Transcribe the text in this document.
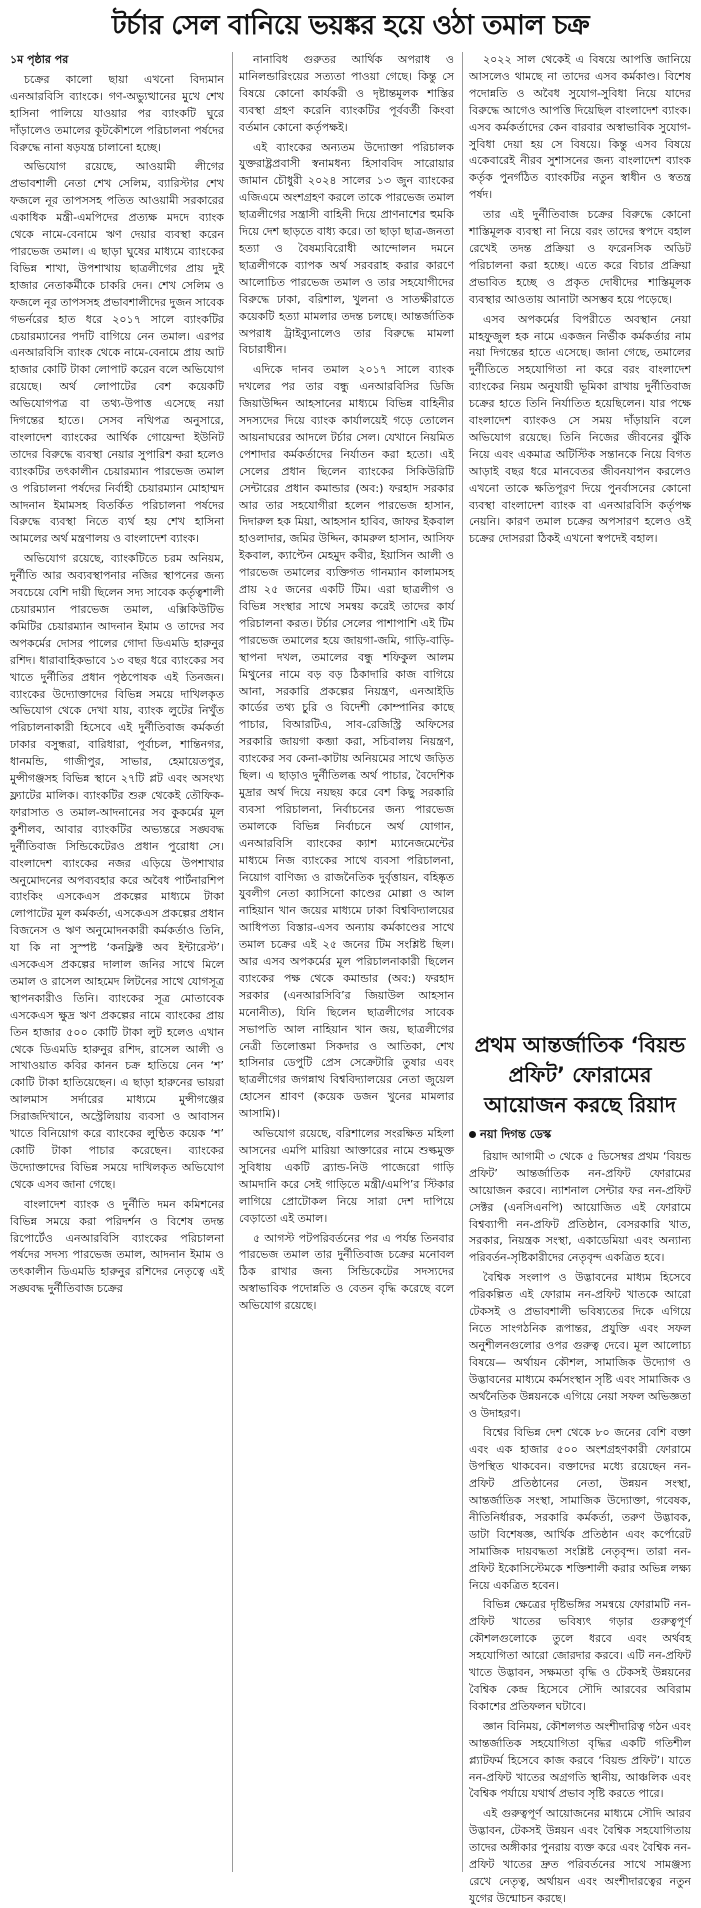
টর্চার সেল বানিয়ে ভয়ঙ্কর হয়ে ওঠা তমাল চক্র

১ম পৃষ্ঠার পর

চক্রের কালো ছায়া এখনো বিদ্যমান এনআরবিসি ব্যাংকে। গণ-অভ্যুত্থানের মুখে শেখ হাসিনা পালিয়ে যাওয়ার পর ব্যাংকটি ঘুরে দাঁড়ালেও তমালের কূটকৌশলে পরিচালনা পর্ষদের বিরুদ্ধে নানা ষড়যন্ত্র চালানো হচ্ছে।

অভিযোগ রয়েছে, আওয়ামী লীগের প্রভাবশালী নেতা শেখ সেলিম, ব্যারিস্টার শেখ ফজলে নূর তাপসসহ পতিত আওয়ামী সরকারের একাধিক মন্ত্রী-এমপিদের প্রত্যক্ষ মদদে ব্যাংক থেকে নামে-বেনামে ঋণ দেয়ার ব্যবস্থা করেন পারভেজ তমাল। এ ছাড়া ঘুষের মাধ্যমে ব্যাংকের বিভিন্ন শাখা, উপশাখায় ছাত্রলীগের প্রায় দুই হাজার নেতাকর্মীকে চাকরি দেন। শেখ সেলিম ও ফজলে নূর তাপসসহ প্রভাবশালীদের দুজন সাবেক গভর্নরের হাত ধরে ২০১৭ সালে ব্যাংকটির চেয়ারম্যানের পদটি বাগিয়ে নেন তমাল। এরপর এনআরবিসি ব্যাংক থেকে নামে-বেনামে প্রায় আট হাজার কোটি টাকা লোপাট করেন বলে অভিযোগ রয়েছে। অর্থ লোপাটের বেশ কয়েকটি অভিযোগপত্র বা তথ্য-উপাত্ত এসেছে নয়া দিগন্তের হাতে। সেসব নথিপত্র অনুসারে, বাংলাদেশ ব্যাংকের আর্থিক গোয়েন্দা ইউনিট তাদের বিরুদ্ধে ব্যবস্থা নেয়ার সুপারিশ করা হলেও ব্যাংকটির তৎকালীন চেয়ারম্যান পারভেজ তমাল ও পরিচালনা পর্ষদের নির্বাহী চেয়ারম্যান মোহাম্মদ আদনান ইমামসহ বিতর্কিত পরিচালনা পর্ষদের বিরুদ্ধে ব্যবস্থা নিতে ব্যর্থ হয় শেখ হাসিনা আমলের অর্থ মন্ত্রণালয় ও বাংলাদেশ ব্যাংক।

অভিযোগ রয়েছে, ব্যাংকটিতে চরম অনিয়ম, দুর্নীতি আর অব্যবস্থাপনার নজির স্থাপনের জন্য সবচেয়ে বেশি দায়ী ছিলেন সদ্য সাবেক কর্তৃত্বশালী চেয়ারম্যান পারভেজ তমাল, এক্সিকিউটিভ কমিটির চেয়ারম্যান আদনান ইমাম ও তাদের সব অপকর্মের দোসর পালের গোদা ডিএমডি হারুনুর রশিদ। ধারাবাহিকভাবে ১৩ বছর ধরে ব্যাংকের সব খাতে দুর্নীতির প্রধান পৃষ্ঠপোষক এই তিনজন। ব্যাংকের উদ্যোক্তাদের বিভিন্ন সময়ে দাখিলকৃত অভিযোগ থেকে দেখা যায়, ব্যাংক লুটের নিখুঁত পরিচালনাকারী হিসেবে এই দুর্নীতিবাজ কর্মকর্তা ঢাকার বসুন্ধরা, বারিধারা, পূর্বাচল, শান্তিনগর, ধানমন্ডি, গাজীপুর, সাভার, হেমায়েতপুর, মুন্সীগঞ্জসহ বিভিন্ন স্থানে ২৭টি প্লট এবং অসংখ্য ফ্ল্যাটের মালিক। ব্যাংকটির শুরু থেকেই তৌফিক-ফারাসাত ও তমাল-আদনানের সব কুকর্মের মূল কুশীলব, আবার ব্যাংকটির অভ্যন্তরে সঙ্ঘবদ্ধ দুর্নীতিবাজ সিন্ডিকেটেরও প্রধান পুরোধা সে। বাংলাদেশ ব্যাংকের নজর এড়িয়ে উপশাখার অনুমোদনের অপব্যবহার করে অবৈধ পার্টনারশিপ ব্যাংকিং এসকেএস প্রকল্পের মাধ্যমে টাকা লোপাটের মূল কর্মকর্তা, এসকেএস প্রকল্পের প্রধান বিজনেস ও ঋণ অনুমোদনকারী কর্মকর্তাও তিনি, যা কি না সুস্পষ্ট ‘কনফ্লিক্ট অব ইন্টারেস্ট’। এসকেএস প্রকল্পের দালাল জনির সাথে মিলে তমাল ও রাসেল আহমেদ লিটনের সাথে যোগসূত্র স্থাপনকারীও তিনি। ব্যাংকের সূত্র মোতাবেক এসকেএস ক্ষুদ্র ঋণ প্রকল্পের নামে ব্যাংকের প্রায় তিন হাজার ৫০০ কোটি টাকা লুট হলেও এখান থেকে ডিএমডি হারুনুর রশিদ, রাসেল আলী ও সাখাওয়াত কবির কানন চক্র হাতিয়ে নেন ‘শ’ কোটি টাকা হাতিয়েছেন। এ ছাড়া হারুনের ভায়রা আলমাস সর্দারের মাধ্যমে মুন্সীগঞ্জের সিরাজদিখানে, অস্ট্রেলিয়ায় ব্যবসা ও আবাসন খাতে বিনিয়োগ করে ব্যাংকের লুণ্ঠিত কয়েক ‘শ’ কোটি টাকা পাচার করেছেন। ব্যাংকের উদ্যোক্তাদের বিভিন্ন সময়ে দাখিলকৃত অভিযোগ থেকে এসব জানা গেছে।

বাংলাদেশ ব্যাংক ও দুর্নীতি দমন কমিশনের বিভিন্ন সময়ে করা পরিদর্শন ও বিশেষ তদন্ত রিপোর্টেও এনআরবিসি ব্যাংকের পরিচালনা পর্ষদের সদস্য পারভেজ তমাল, আদনান ইমাম ও তৎকালীন ডিএমডি হারুনুর রশিদের নেতৃত্বে এই সঙ্ঘবদ্ধ দুর্নীতিবাজ চক্রের

নানাবিধ গুরুতর আর্থিক অপরাধ ও মানিলন্ডারিংয়ের সত্যতা পাওয়া গেছে। কিন্তু সে বিষয়ে কোনো কার্যকরী ও দৃষ্টান্তমূলক শাস্তির ব্যবস্থা গ্রহণ করেনি ব্যাংকটির পূর্ববর্তী কিংবা বর্তমান কোনো কর্তৃপক্ষই।

এই ব্যাংকের অন্যতম উদ্যোক্তা পরিচালক যুক্তরাষ্ট্রপ্রবাসী স্বনামধন্য হিসাববিদ সারোয়ার জামান চৌধুরী ২০২৪ সালের ১৩ জুন ব্যাংকের এজিএমে অংশগ্রহণ করলে তাকে পারভেজ তমাল ছাত্রলীগের সন্ত্রাসী বাহিনী দিয়ে প্রাণনাশের হুমকি দিয়ে দেশ ছাড়তে বাধ্য করে। তা ছাড়া ছাত্র-জনতা হত্যা ও বৈষম্যবিরোধী আন্দোলন দমনে ছাত্রলীগকে ব্যাপক অর্থ সরবরাহ করার কারণে আলোচিত পারভেজ তমাল ও তার সহযোগীদের বিরুদ্ধে ঢাকা, বরিশাল, খুলনা ও সাতক্ষীরাতে কয়েকটি হত্যা মামলার তদন্ত চলছে। আন্তর্জাতিক অপরাধ ট্রাইব্যুনালেও তার বিরুদ্ধে মামলা বিচারাধীন।

এদিকে দানব তমাল ২০১৭ সালে ব্যাংক দখলের পর তার বন্ধু এনআরবিসির ডিজি জিয়াউদ্দিন আহসানের মাধ্যমে বিভিন্ন বাহিনীর সদস্যদের দিয়ে ব্যাংক কার্যালয়েই গড়ে তোলেন আয়নাঘরের আদলে টর্চার সেল। যেখানে নিয়মিত পেশাদার কর্মকর্তাদের নির্যাতন করা হতো। এই সেলের প্রধান ছিলেন ব্যাংকের সিকিউরিটি সেন্টারের প্রধান কমান্ডার (অব:) ফরহাদ সরকার আর তার সহযোগীরা হলেন পারভেজ হাসান, দিদারুল হক মিয়া, আহসান হাবিব, জাফর ইকবাল হাওলাদার, জমির উদ্দিন, কামরুল হাসান, আসিফ ইকবাল, ক্যাপ্টেন মেহমুদ কবীর, ইয়াসিন আলী ও পারভেজ তমালের ব্যক্তিগত গানম্যান কালামসহ প্রায় ২৫ জনের একটি টিম। এরা ছাত্রলীগ ও বিভিন্ন সংস্থার সাথে সমন্বয় করেই তাদের কার্য পরিচালনা করত। টর্চার সেলের পাশাপাশি এই টিম পারভেজ তমালের হয়ে জায়গা-জমি, গাড়ি-বাড়ি-স্থাপনা দখল, তমালের বন্ধু শফিকুল আলম মিথুনের নামে বড় বড় ঠিকাদারি কাজ বাগিয়ে আনা, সরকারি প্রকল্পের নিয়ন্ত্রণ, এনআইডি কার্ডের তথ্য চুরি ও বিদেশী কোম্পানির কাছে পাচার, বিআরটিএ, সাব-রেজিস্ট্রি অফিসের সরকারি জায়গা কব্জা করা, সচিবালয় নিয়ন্ত্রণ, ব্যাংকের সব কেনা-কাটায় অনিয়মের সাথে জড়িত ছিল। এ ছাড়াও দুর্নীতিলব্ধ অর্থ পাচার, বৈদেশিক মুদ্রার অর্থ দিয়ে নয়ছয় করে বেশ কিছু সরকারি ব্যবসা পরিচালনা, নির্বাচনের জন্য পারভেজ তমালকে বিভিন্ন নির্বাচনে অর্থ যোগান, এনআরবিসি ব্যাংকের ক্যাশ ম্যানেজমেন্টের মাধ্যমে নিজ ব্যাংকের সাথে ব্যবসা পরিচালনা, নিয়োগ বাণিজ্য ও রাজনৈতিক দুর্বৃত্তায়ন, বহিষ্কৃত যুবলীগ নেতা ক্যাসিনো কাণ্ডের মোল্লা ও আল নাহিয়ান খান জয়ের মাধ্যমে ঢাকা বিশ্ববিদ্যালয়ের আধিপত্য বিস্তার-এসব অন্যায় কর্মকাণ্ডের সাথে তমাল চক্রের এই ২৫ জনের টিম সংশ্লিষ্ট ছিল। আর এসব অপকর্মের মূল পরিচালনাকারী ছিলেন ব্যাংকের পক্ষ থেকে কমান্ডার (অব:) ফরহাদ সরকার (এনআরসিবি’র জিয়াউল আহসান মনোনীত), যিনি ছিলেন ছাত্রলীগের সাবেক সভাপতি আল নাহিয়ান খান জয়, ছাত্রলীগের নেত্রী তিলোত্তমা সিকদার ও আতিকা, শেখ হাসিনার ডেপুটি প্রেস সেক্রেটারি তুষার এবং ছাত্রলীগের জগন্নাথ বিশ্ববিদ্যালয়ের নেতা জুয়েল হোসেন শ্রাবণ (কয়েক ডজন খুনের মামলার আসামি)।

অভিযোগ রয়েছে, বরিশালের সংরক্ষিত মহিলা আসনের এমপি মারিয়া আক্তারের নামে শুল্কমুক্ত সুবিধায় একটি ব্র্যান্ড-নিউ পাজেরো গাড়ি আমদানি করে সেই গাড়িতে মন্ত্রী/এমপি’র স্টিকার লাগিয়ে প্রোটোকল নিয়ে সারা দেশ দাপিয়ে বেড়াতো এই তমাল।

৫ আগস্ট পটপরিবর্তনের পর এ পর্যন্ত তিনবার পারভেজ তমাল তার দুর্নীতিবাজ চক্রের মনোবল ঠিক রাখার জন্য সিন্ডিকেটের সদস্যদের অস্বাভাবিক পদোন্নতি ও বেতন বৃদ্ধি করেছে বলে অভিযোগ রয়েছে।

২০২২ সাল থেকেই এ বিষয়ে আপত্তি জানিয়ে আসলেও থামছে না তাদের এসব কর্মকাণ্ড। বিশেষ পদোন্নতি ও অবৈধ সুযোগ-সুবিধা নিয়ে যাদের বিরুদ্ধে আগেও আপত্তি দিয়েছিল বাংলাদেশ ব্যাংক। এসব কর্মকর্তাদের কেন বারবার অস্বাভাবিক সুযোগ-সুবিধা দেয়া হয় সে বিষয়ে। কিন্তু এসব বিষয়ে একেবারেই নীরব সুশাসনের জন্য বাংলাদেশ ব্যাংক কর্তৃক পুনর্গঠিত ব্যাংকটির নতুন স্বাধীন ও স্বতন্ত্র পর্ষদ।

তার এই দুর্নীতিবাজ চক্রের বিরুদ্ধে কোনো শাস্তিমূলক ব্যবস্থা না নিয়ে বরং তাদের স্বপদে বহাল রেখেই তদন্ত প্রক্রিয়া ও ফরেনসিক অডিট পরিচালনা করা হচ্ছে। এতে করে বিচার প্রক্রিয়া প্রভাবিত হচ্ছে ও প্রকৃত দোষীদের শাস্তিমূলক ব্যবস্থার আওতায় আনাটা অসম্ভব হয়ে পড়েছে।

এসব অপকর্মের বিপরীতে অবস্থান নেয়া মাহফুজুল হক নামে একজন নির্ভীক কর্মকর্তার নাম নয়া দিগন্তের হাতে এসেছে। জানা গেছে, তমালের দুর্নীতিতে সহযোগিতা না করে বরং বাংলাদেশ ব্যাংকের নিয়ম অনুযায়ী ভূমিকা রাখায় দুর্নীতিবাজ চক্রের হাতে তিনি নির্যাতিত হয়েছিলেন। যার পক্ষে বাংলাদেশ ব্যাংকও সে সময় দাঁড়ায়নি বলে অভিযোগ রয়েছে। তিনি নিজের জীবনের ঝুঁকি নিয়ে এবং একমাত্র অটিস্টিক সন্তানকে নিয়ে বিগত আড়াই বছর ধরে মানবেতর জীবনযাপন করলেও এখনো তাকে ক্ষতিপূরণ দিয়ে পুনর্বাসনের কোনো ব্যবস্থা বাংলাদেশ ব্যাংক বা এনআরবিসি কর্তৃপক্ষ নেয়নি। কারণ তমাল চক্রের অপসারণ হলেও ওই চক্রের দোসররা ঠিকই এখনো স্বপদেই বহাল।

প্রথম আন্তর্জাতিক ‘বিয়ন্ড প্রফিট’ ফোরামের আয়োজন করছে রিয়াদ
নয়া দিগন্ত ডেস্ক

রিয়াদ আগামী ৩ থেকে ৫ ডিসেম্বর প্রথম ‘বিয়ন্ড প্রফিট’ আন্তর্জাতিক নন-প্রফিট ফোরামের আয়োজন করবে। ন্যাশনাল সেন্টার ফর নন-প্রফিট সেক্টর (এনসিএনপি) আয়োজিত এই ফোরামে বিশ্বব্যাপী নন-প্রফিট প্রতিষ্ঠান, বেসরকারি খাত, সরকার, নিয়ন্ত্রক সংস্থা, একাডেমিয়া এবং অন্যান্য পরিবর্তন-সৃষ্টিকারীদের নেতৃবৃন্দ একত্রিত হবে।

বৈশ্বিক সংলাপ ও উদ্ভাবনের মাধ্যম হিসেবে পরিকল্পিত এই ফোরাম নন-প্রফিট খাতকে আরো টেকসই ও প্রভাবশালী ভবিষ্যতের দিকে এগিয়ে নিতে সাংগঠনিক রূপান্তর, প্রযুক্তি এবং সফল অনুশীলনগুলোর ওপর গুরুত্ব দেবে। মূল আলোচ্য বিষয়ে— অর্থায়ন কৌশল, সামাজিক উদ্যোগ ও উদ্ভাবনের মাধ্যমে কর্মসংস্থান সৃষ্টি এবং সামাজিক ও অর্থনৈতিক উন্নয়নকে এগিয়ে নেয়া সফল অভিজ্ঞতা ও উদাহরণ।

বিশ্বের বিভিন্ন দেশ থেকে ৮০ জনের বেশি বক্তা এবং এক হাজার ৫০০ অংশগ্রহণকারী ফোরামে উপস্থিত থাকবেন। বক্তাদের মধ্যে রয়েছেন নন-প্রফিট প্রতিষ্ঠানের নেতা, উন্নয়ন সংস্থা, আন্তর্জাতিক সংস্থা, সামাজিক উদ্যোক্তা, গবেষক, নীতিনির্ধারক, সরকারি কর্মকর্তা, তরুণ উদ্ভাবক, ডাটা বিশেষজ্ঞ, আর্থিক প্রতিষ্ঠান এবং কর্পোরেট সামাজিক দায়বদ্ধতা সংশ্লিষ্ট নেতৃবৃন্দ। তারা নন-প্রফিট ইকোসিস্টেমকে শক্তিশালী করার অভিন্ন লক্ষ্য নিয়ে একত্রিত হবেন।

বিভিন্ন ক্ষেত্রের দৃষ্টিভঙ্গির সমন্বয়ে ফোরামটি নন-প্রফিট খাতের ভবিষ্যৎ গড়ার গুরুত্বপূর্ণ কৌশলগুলোকে তুলে ধরবে এবং অর্থবহ সহযোগিতা আরো জোরদার করবে। এটি নন-প্রফিট খাতে উদ্ভাবন, সক্ষমতা বৃদ্ধি ও টেকসই উন্নয়নের বৈশ্বিক কেন্দ্র হিসেবে সৌদি আরবের অবিরাম বিকাশের প্রতিফলন ঘটাবে।

জ্ঞান বিনিময়, কৌশলগত অংশীদারিত্ব গঠন এবং আন্তর্জাতিক সহযোগিতা বৃদ্ধির একটি গতিশীল প্ল্যাটফর্ম হিসেবে কাজ করবে ‘বিয়ন্ড প্রফিট’। যাতে নন-প্রফিট খাতের অগ্রগতি স্থানীয়, আঞ্চলিক এবং বৈশ্বিক পর্যায়ে যথার্থ প্রভাব সৃষ্টি করতে পারে।

এই গুরুত্বপূর্ণ আয়োজনের মাধ্যমে সৌদি আরব উদ্ভাবন, টেকসই উন্নয়ন এবং বৈশ্বিক সহযোগিতায় তাদের অঙ্গীকার পুনরায় ব্যক্ত করে এবং বৈশ্বিক নন-প্রফিট খাতের দ্রুত পরিবর্তনের সাথে সামঞ্জস্য রেখে নেতৃত্ব, অর্থায়ন এবং অংশীদারত্বের নতুন যুগের উন্মোচন করছে।
